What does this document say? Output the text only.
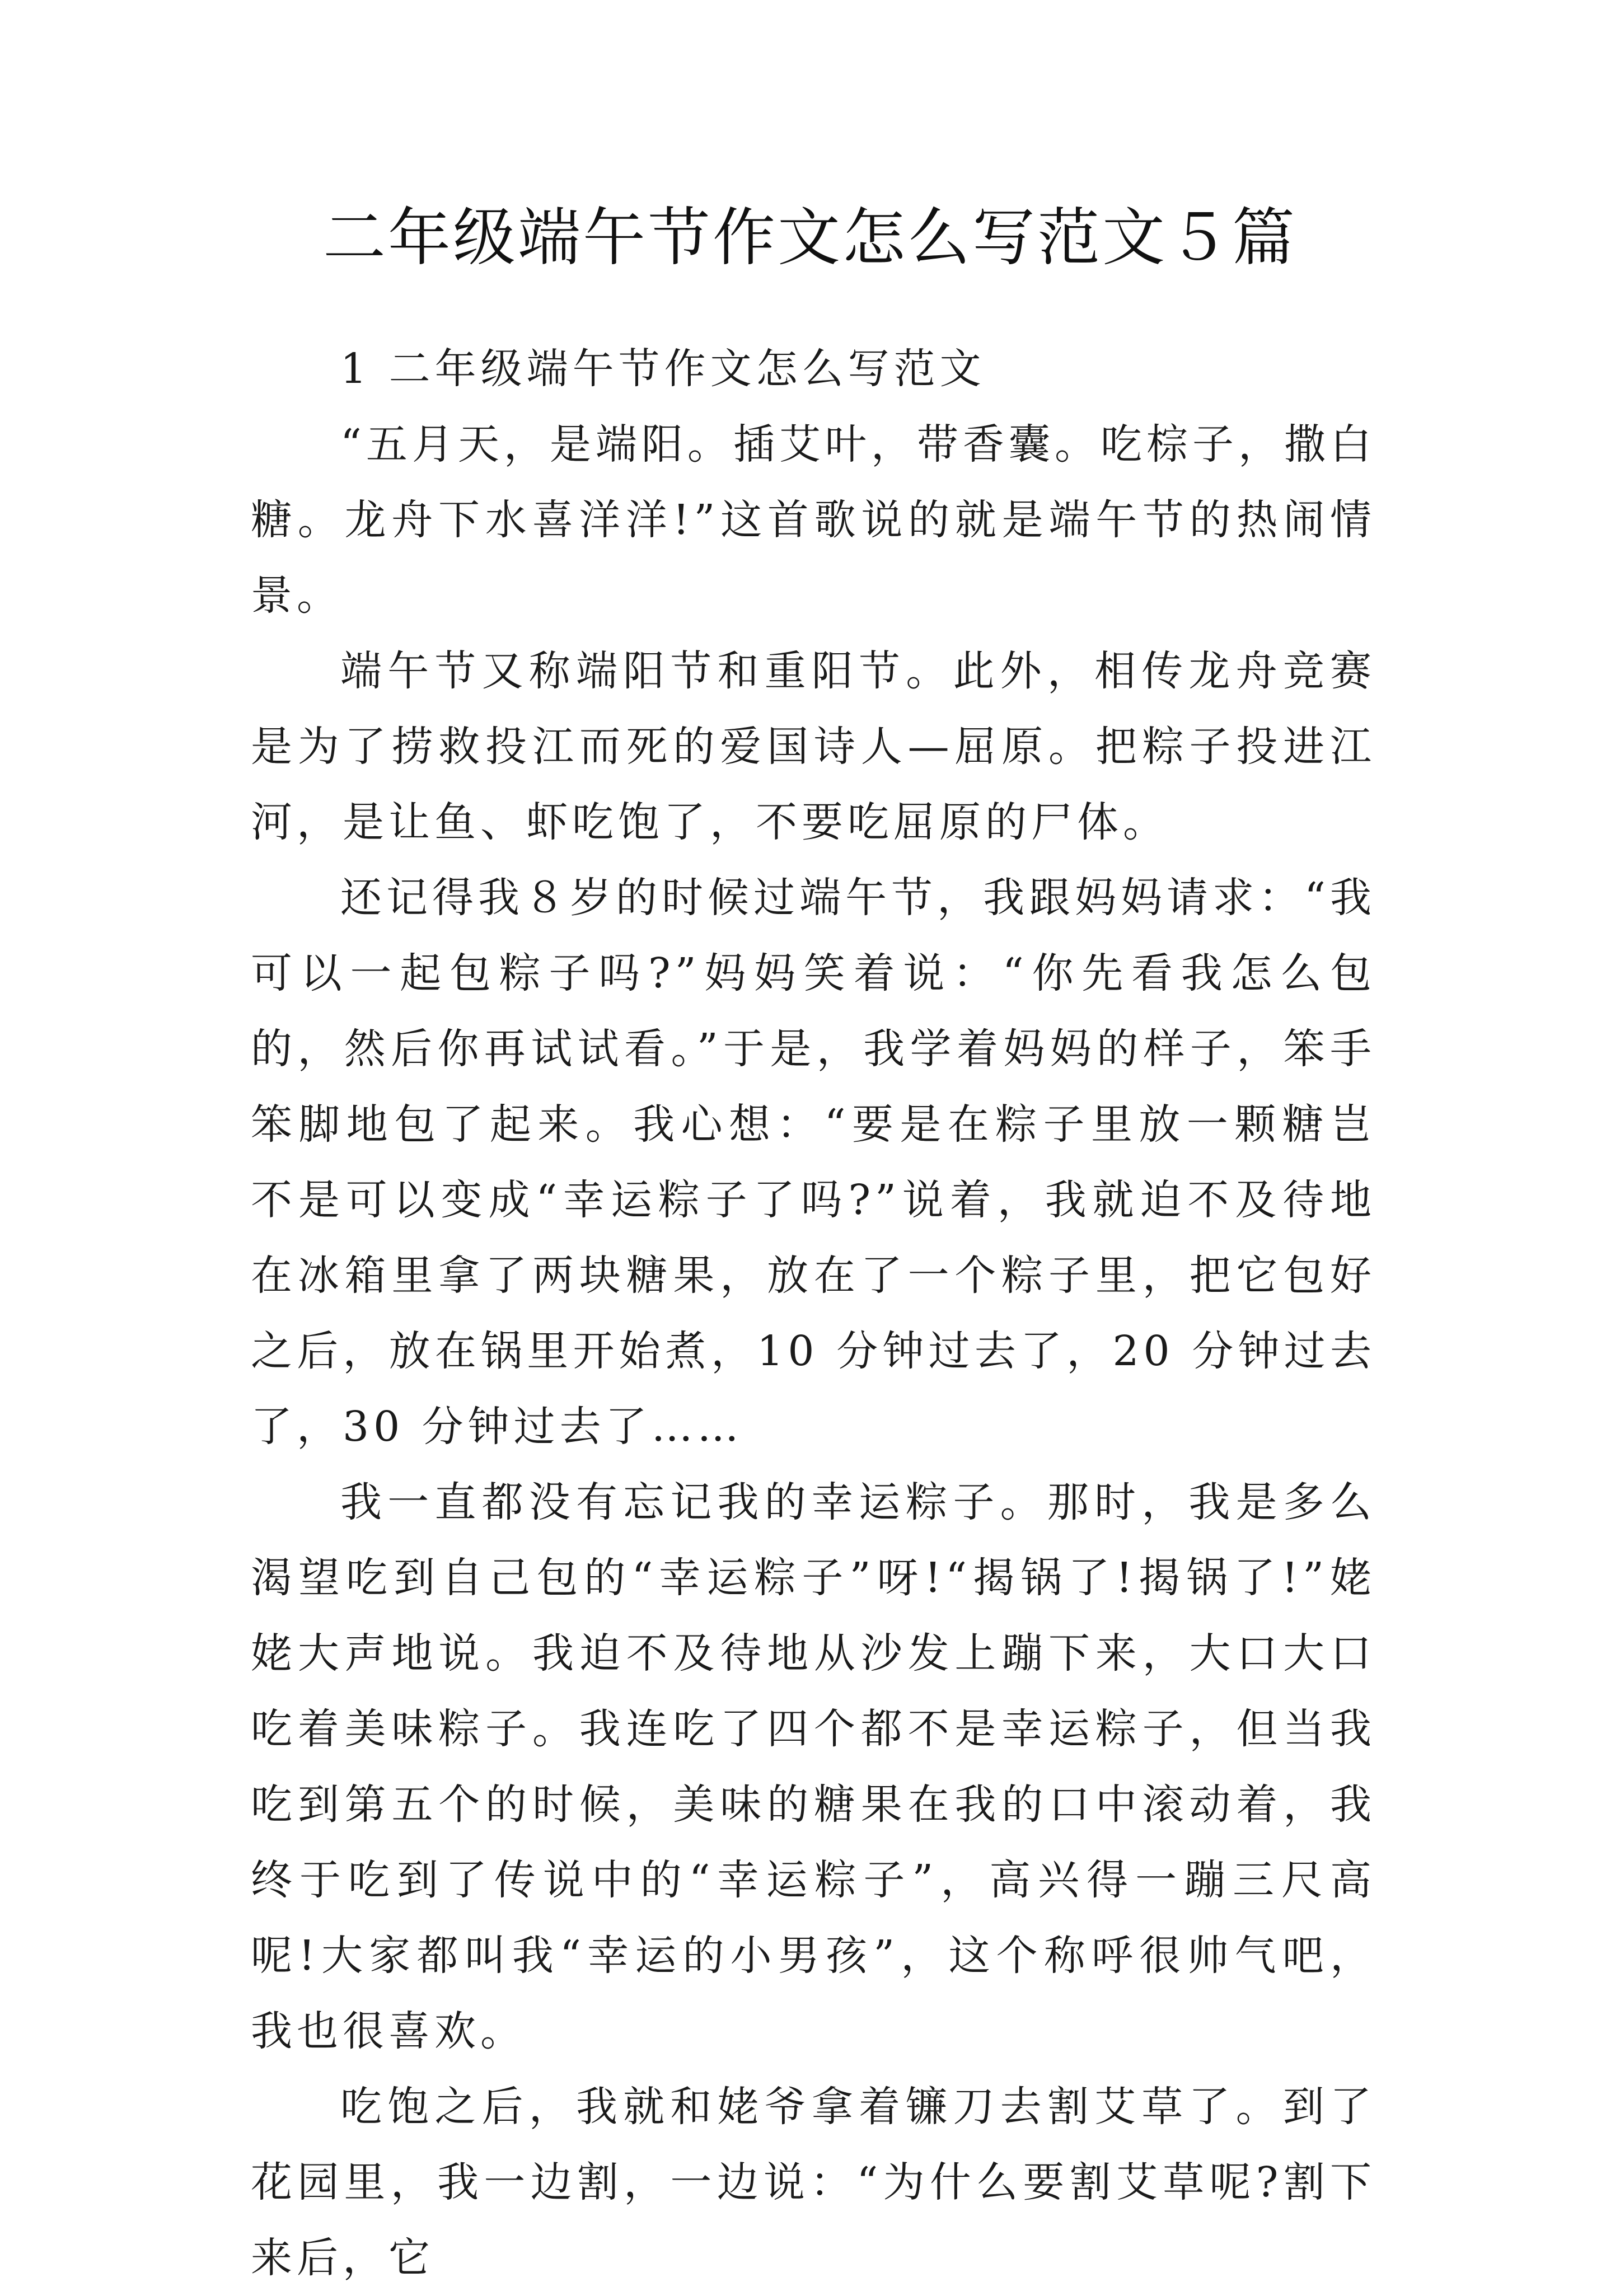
二年级端午节作文怎么写范文５篇

1 二年级端午节作文怎么写范文

“五月天，是端阳。插艾叶，带香囊。吃棕子，撒白糖。龙舟下水喜洋洋!”这首歌说的就是端午节的热闹情景。

端午节又称端阳节和重阳节。此外，相传龙舟竞赛是为了捞救投江而死的爱国诗人—屈原。把粽子投进江河，是让鱼、虾吃饱了，不要吃屈原的尸体。

还记得我８岁的时候过端午节，我跟妈妈请求：“我可以一起包粽子吗?”妈妈笑着说：“你先看我怎么包的，然后你再试试看。”于是，我学着妈妈的样子，笨手笨脚地包了起来。我心想：“要是在粽子里放一颗糖岂不是可以变成“幸运粽子了吗?”说着，我就迫不及待地在冰箱里拿了两块糖果，放在了一个粽子里，把它包好之后，放在锅里开始煮，10 分钟过去了，20 分钟过去了，30 分钟过去了……

我一直都没有忘记我的幸运粽子。那时，我是多么渴望吃到自己包的“幸运粽子”呀!“揭锅了!揭锅了!”姥姥大声地说。我迫不及待地从沙发上蹦下来，大口大口吃着美味粽子。我连吃了四个都不是幸运粽子，但当我吃到第五个的时候，美味的糖果在我的口中滚动着，我终于吃到了传说中的“幸运粽子”，高兴得一蹦三尺高呢!大家都叫我“幸运的小男孩”，这个称呼很帅气吧，我也很喜欢。

吃饱之后，我就和姥爷拿着镰刀去割艾草了。到了花园里，我一边割，一边说：“为什么要割艾草呢?割下来后，它
